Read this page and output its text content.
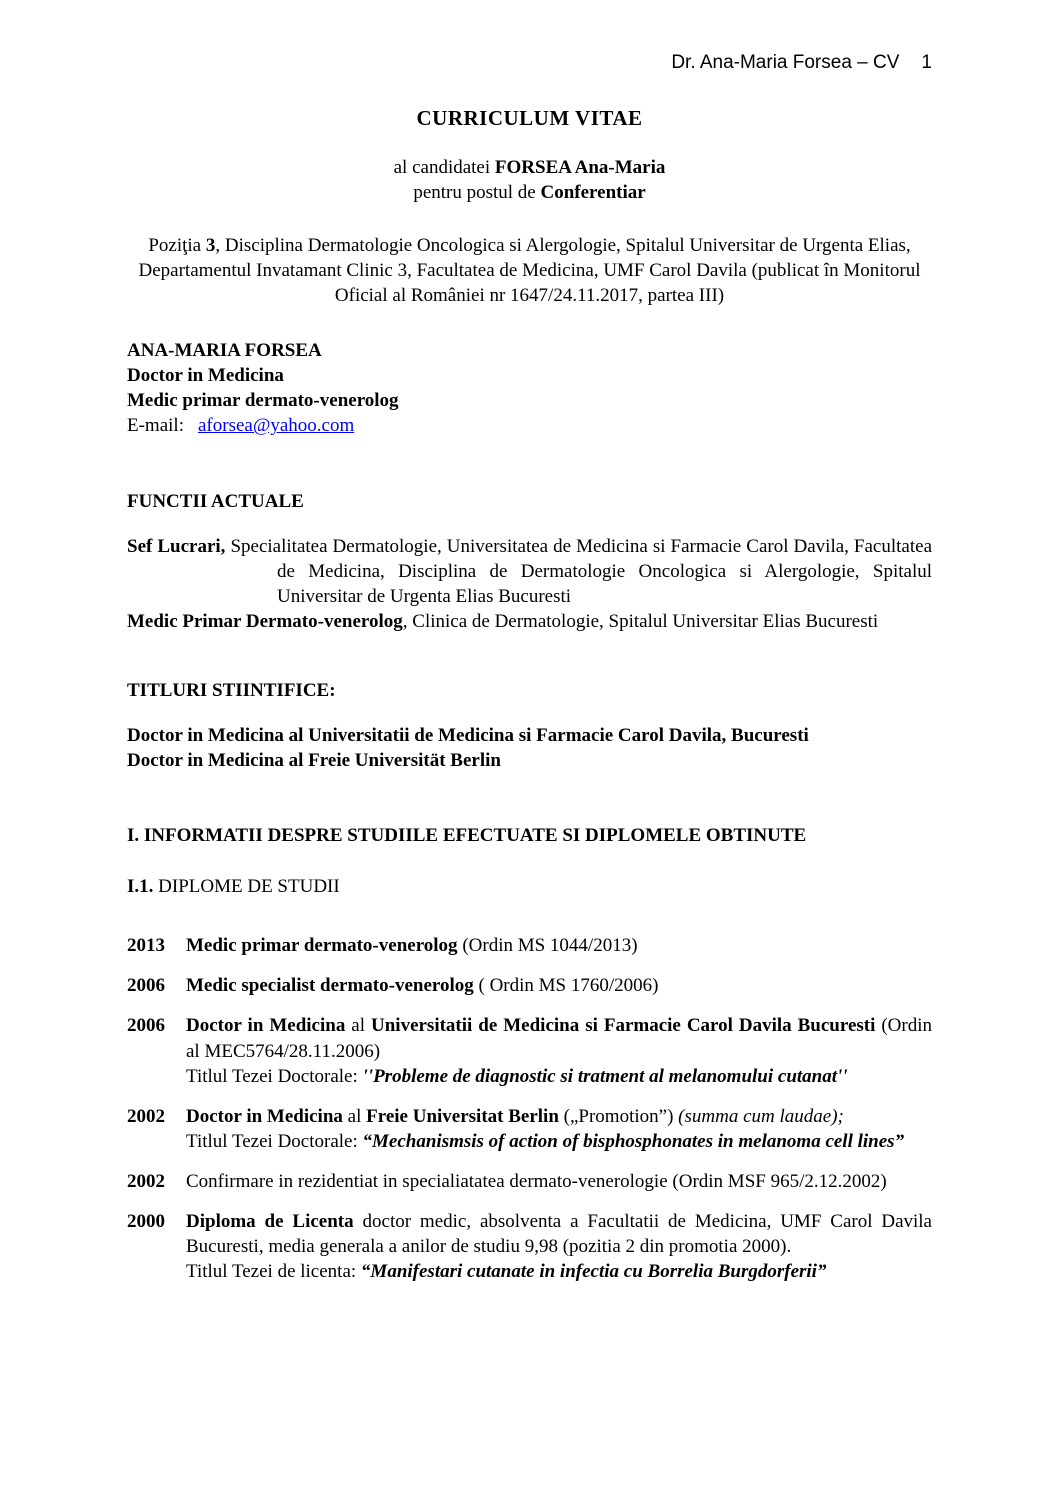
Dr. Ana-Maria Forsea – CV 1
CURRICULUM VITAE

al candidatei FORSEA Ana-Maria

pentru postul de Conferentiar

Poziţia 3, Disciplina Dermatologie Oncologica si Alergologie, Spitalul Universitar de Urgenta Elias, Departamentul Invatamant Clinic 3, Facultatea de Medicina, UMF Carol Davila (publicat în Monitorul Oficial al României nr 1647/24.11.2017, partea III)

ANA-MARIA FORSEA

Doctor in Medicina

Medic primar dermato-venerolog

E-mail: aforsea@yahoo.com

FUNCTII ACTUALE

Sef Lucrari, Specialitatea Dermatologie, Universitatea de Medicina si Farmacie Carol Davila, Facultatea de Medicina, Disciplina de Dermatologie Oncologica si Alergologie, Spitalul Universitar de Urgenta Elias Bucuresti

Medic Primar Dermato-venerolog, Clinica de Dermatologie, Spitalul Universitar Elias Bucuresti

TITLURI STIINTIFICE:

Doctor in Medicina al Universitatii de Medicina si Farmacie Carol Davila, Bucuresti

Doctor in Medicina al Freie Universität Berlin

I. INFORMATII DESPRE STUDIILE EFECTUATE SI DIPLOMELE OBTINUTE
I.1. DIPLOME DE STUDII
2013	Medic primar dermato-venerolog (Ordin MS 1044/2013)
2006	Medic specialist dermato-venerolog ( Ordin MS 1760/2006)
2006	Doctor in Medicina al Universitatii de Medicina si Farmacie Carol Davila Bucuresti (Ordin al MEC5764/28.11.2006)
Titlul Tezei Doctorale: ''Probleme de diagnostic si tratment al melanomului cutanat''
2002	Doctor in Medicina al Freie Universitat Berlin („Promotion”) (summa cum laudae);
Titlul Tezei Doctorale: “Mechanismsis of action of bisphosphonates in melanoma cell lines”
2002	Confirmare in rezidentiat in specialiatatea dermato-venerologie (Ordin MSF 965/2.12.2002)
2000	Diploma de Licenta doctor medic, absolventa a Facultatii de Medicina, UMF Carol Davila Bucuresti, media generala a anilor de studiu 9,98 (pozitia 2 din promotia 2000).
Titlul Tezei de licenta: “Manifestari cutanate in infectia cu Borrelia Burgdorferii”
